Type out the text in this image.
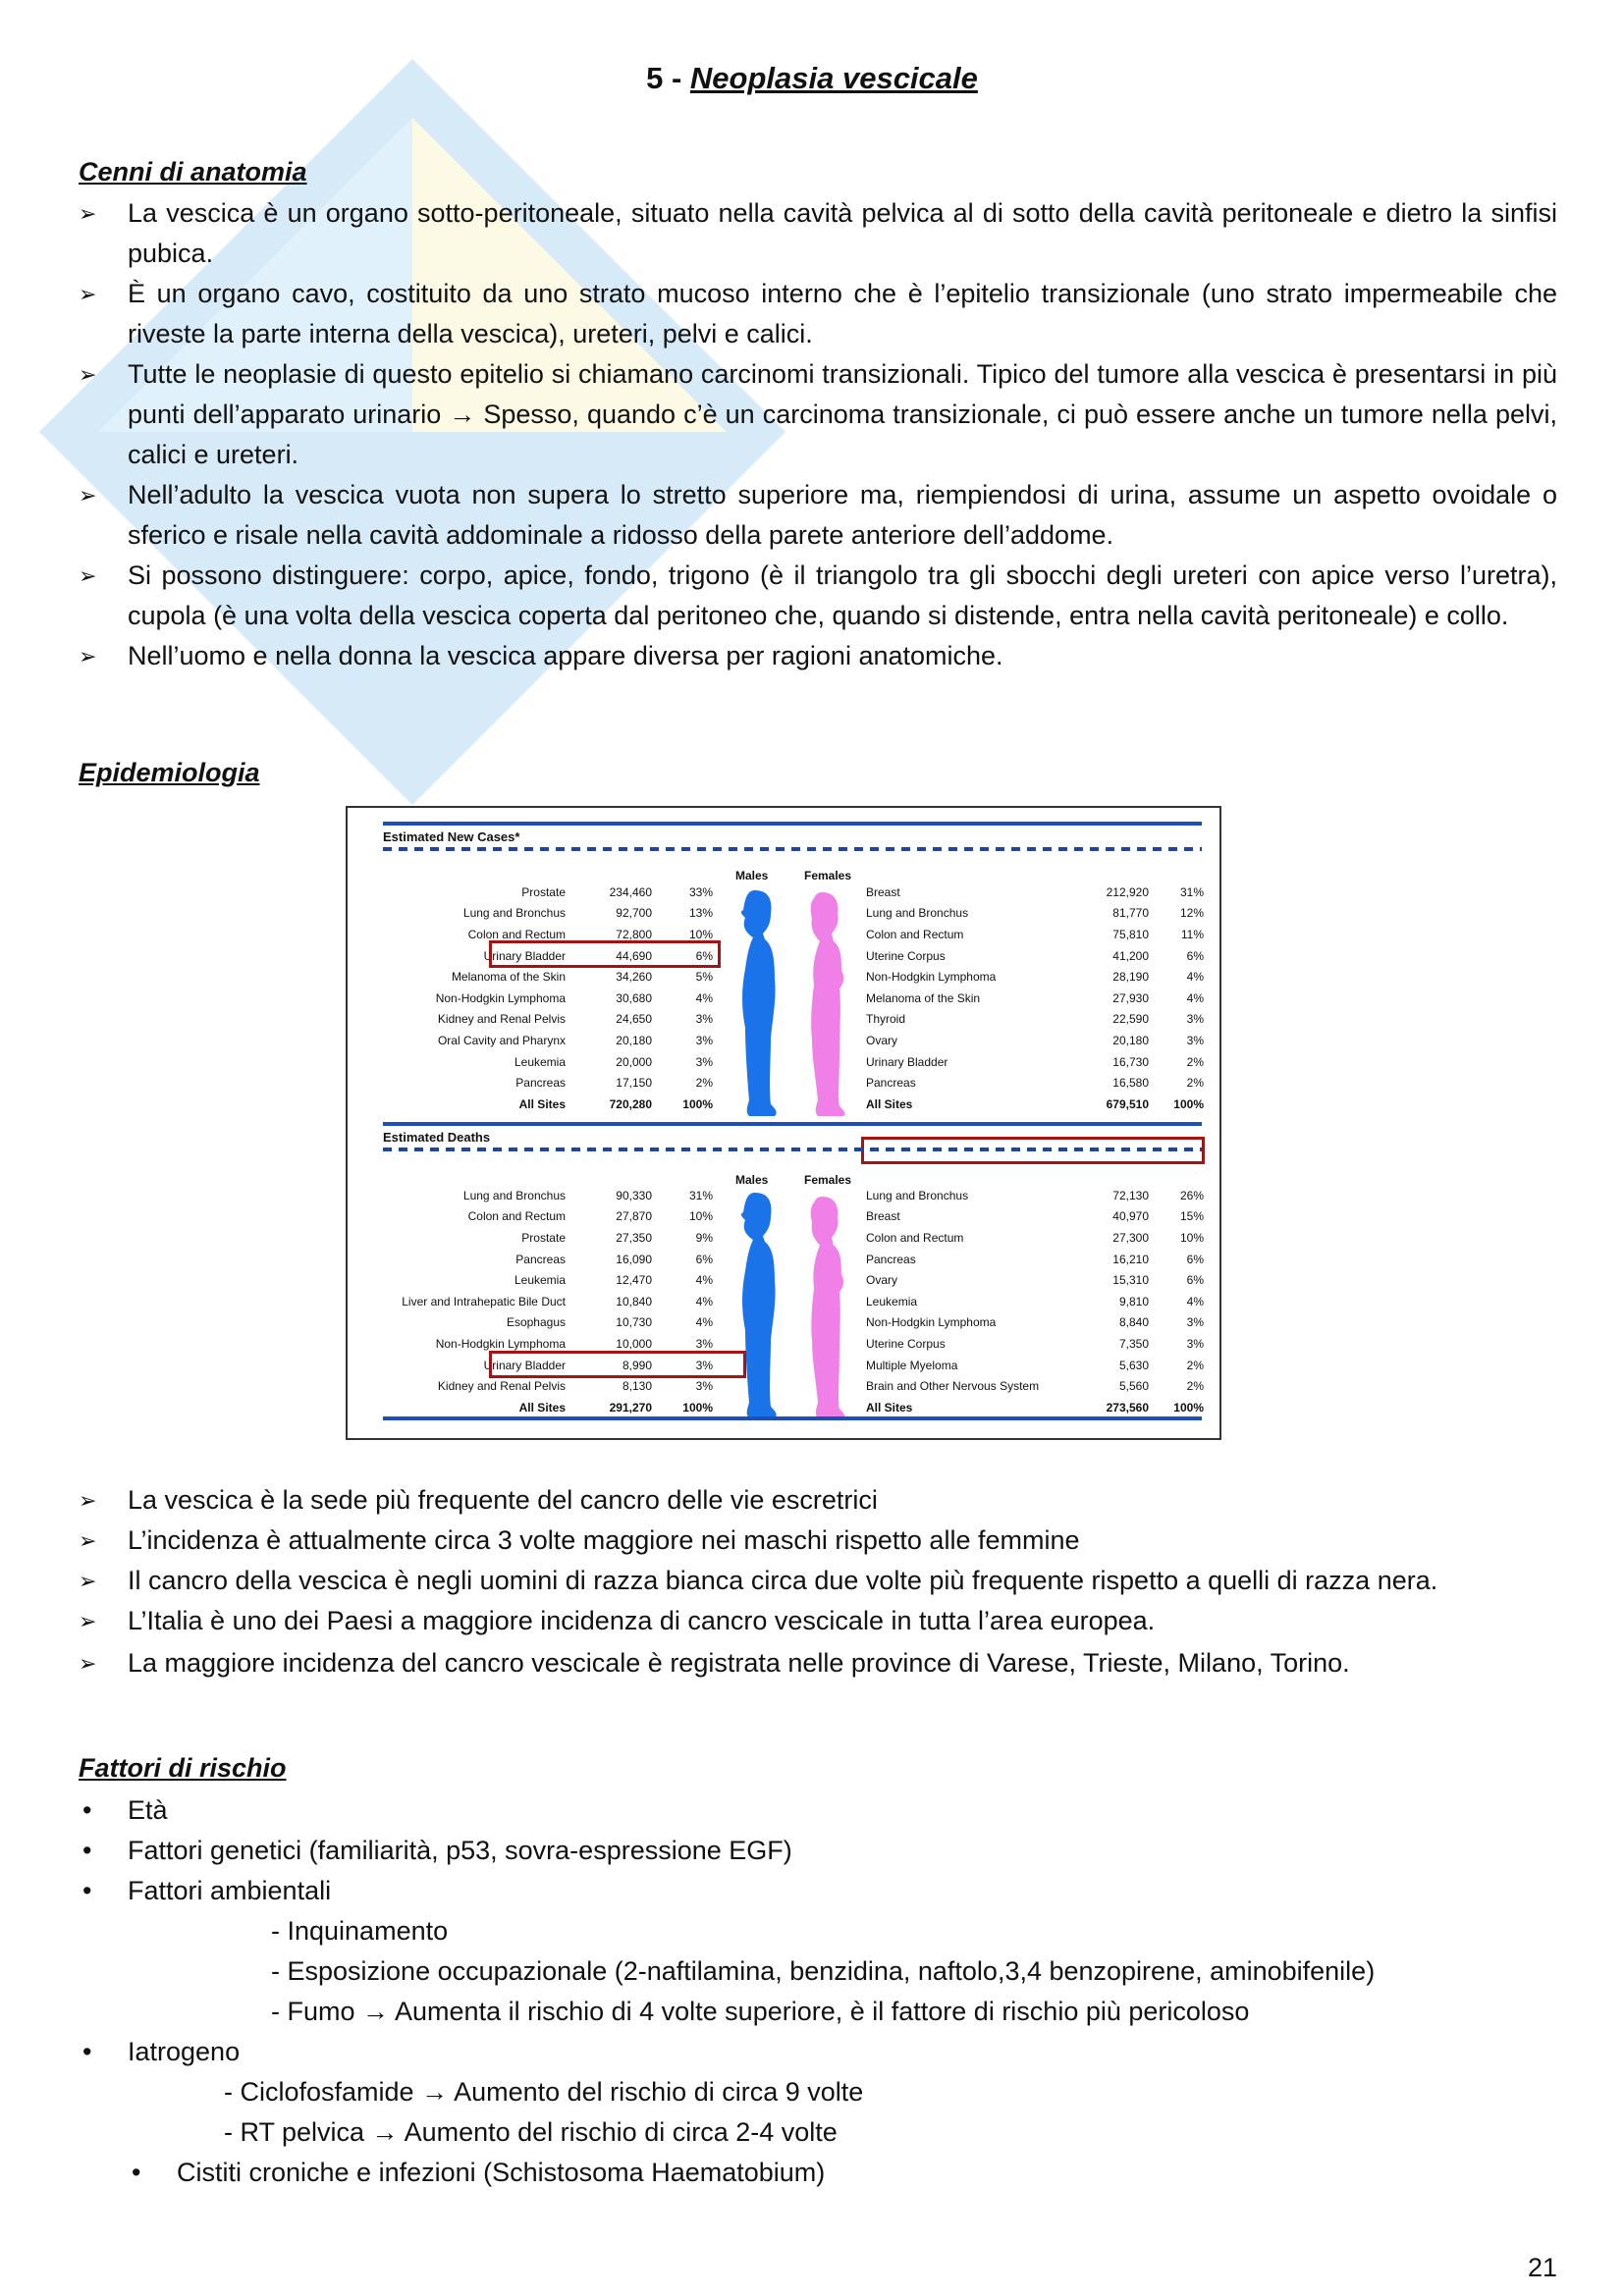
5 - Neoplasia vescicale
Cenni di anatomia
➢	La vescica è un organo sotto-peritoneale, situato nella cavità pelvica al di sotto della cavità peritoneale e dietro la sinfisi pubica.
➢	È un organo cavo, costituito da uno strato mucoso interno che è l’epitelio transizionale (uno strato impermeabile che riveste la parte interna della vescica), ureteri, pelvi e calici.
➢	Tutte le neoplasie di questo epitelio si chiamano carcinomi transizionali. Tipico del tumore alla vescica è presentarsi in più punti dell’apparato urinario → Spesso, quando c’è un carcinoma transizionale, ci può essere anche un tumore nella pelvi, calici e ureteri.
➢	Nell’adulto la vescica vuota non supera lo stretto superiore ma, riempiendosi di urina, assume un aspetto ovoidale o sferico e risale nella cavità addominale a ridosso della parete anteriore dell’addome.
➢	Si possono distinguere: corpo, apice, fondo, trigono (è il triangolo tra gli sbocchi degli ureteri con apice verso l’uretra), cupola (è una volta della vescica coperta dal peritoneo che, quando si distende, entra nella cavità peritoneale) e collo.
➢	Nell’uomo e nella donna la vescica appare diversa per ragioni anatomiche.
Epidemiologia
Estimated New Cases*
Males	Females
Prostate	234,460	33%
Lung and Bronchus	92,700	13%
Colon and Rectum	72,800	10%
Urinary Bladder	44,690	6%
Melanoma of the Skin	34,260	5%
Non-Hodgkin Lymphoma	30,680	4%
Kidney and Renal Pelvis	24,650	3%
Oral Cavity and Pharynx	20,180	3%
Leukemia	20,000	3%
Pancreas	17,150	2%
All Sites	720,280	100%
Breast	212,920	31%
Lung and Bronchus	81,770	12%
Colon and Rectum	75,810	11%
Uterine Corpus	41,200	6%
Non-Hodgkin Lymphoma	28,190	4%
Melanoma of the Skin	27,930	4%
Thyroid	22,590	3%
Ovary	20,180	3%
Urinary Bladder	16,730	2%
Pancreas	16,580	2%
All Sites	679,510	100%
Estimated Deaths
Males	Females
Lung and Bronchus	90,330	31%
Colon and Rectum	27,870	10%
Prostate	27,350	9%
Pancreas	16,090	6%
Leukemia	12,470	4%
Liver and Intrahepatic Bile Duct	10,840	4%
Esophagus	10,730	4%
Non-Hodgkin Lymphoma	10,000	3%
Urinary Bladder	8,990	3%
Kidney and Renal Pelvis	8,130	3%
All Sites	291,270	100%
Lung and Bronchus	72,130	26%
Breast	40,970	15%
Colon and Rectum	27,300	10%
Pancreas	16,210	6%
Ovary	15,310	6%
Leukemia	9,810	4%
Non-Hodgkin Lymphoma	8,840	3%
Uterine Corpus	7,350	3%
Multiple Myeloma	5,630	2%
Brain and Other Nervous System	5,560	2%
All Sites	273,560	100%
➢	La vescica è la sede più frequente del cancro delle vie escretrici
➢	L’incidenza è attualmente circa 3 volte maggiore nei maschi rispetto alle femmine
➢	Il cancro della vescica è negli uomini di razza bianca circa due volte più frequente rispetto a quelli di razza nera.
➢	L’Italia è uno dei Paesi a maggiore incidenza di cancro vescicale in tutta l’area europea.
➢	La maggiore incidenza del cancro vescicale è registrata nelle province di Varese, Trieste, Milano, Torino.
Fattori di rischio
• Età
• Fattori genetici (familiarità, p53, sovra-espressione EGF)
• Fattori ambientali
- Inquinamento
- Esposizione occupazionale (2-naftilamina, benzidina, naftolo,3,4 benzopirene, aminobifenile)
- Fumo → Aumenta il rischio di 4 volte superiore, è il fattore di rischio più pericoloso
• Iatrogeno
- Ciclofosfamide → Aumento del rischio di circa 9 volte
- RT pelvica → Aumento del rischio di circa 2-4 volte
• Cistiti croniche e infezioni (Schistosoma Haematobium)
21
